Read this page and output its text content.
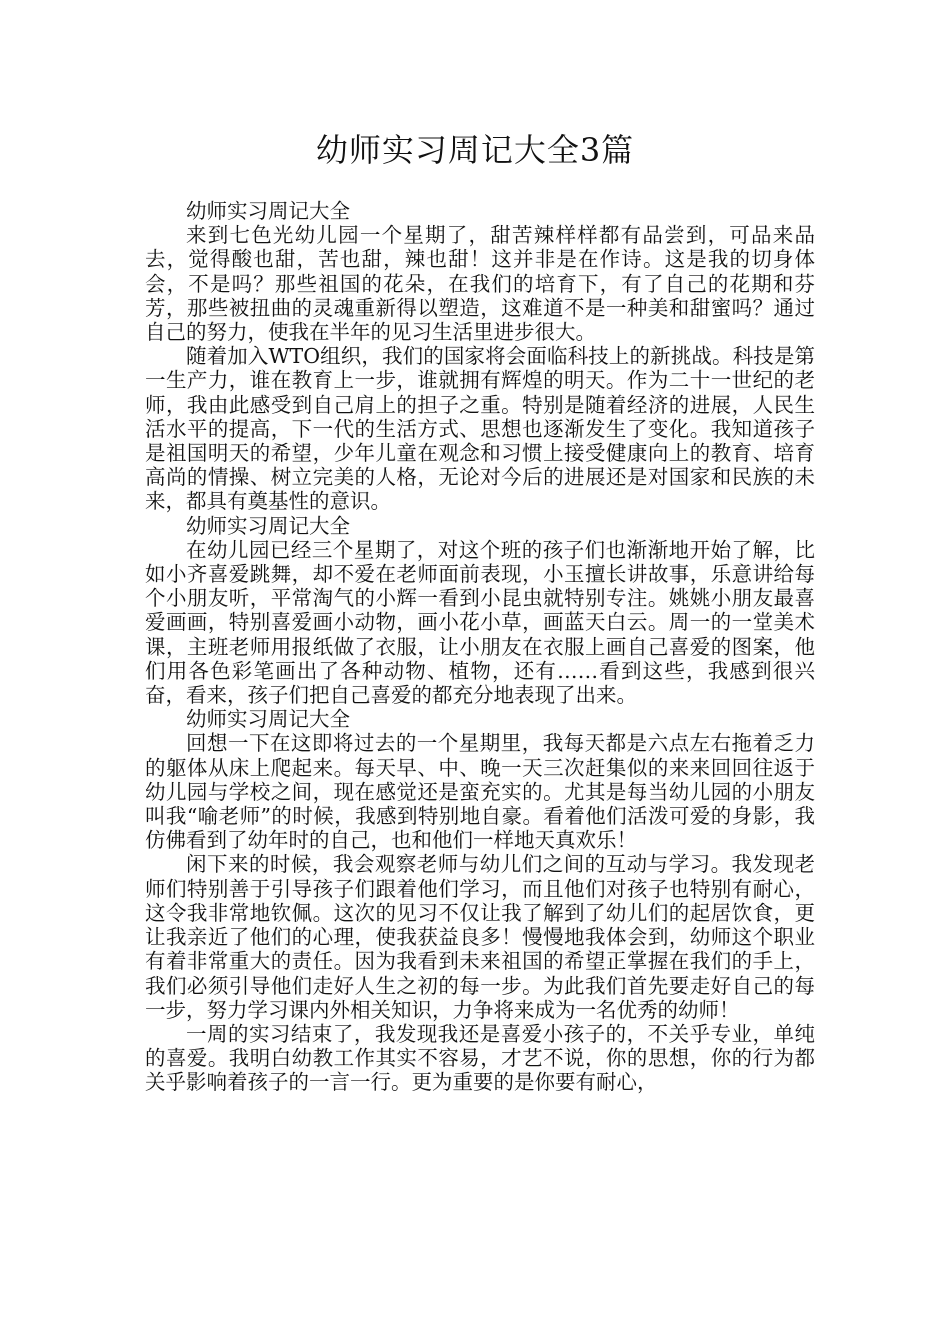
幼师实习周记大全3篇

幼师实习周记大全

来到七色光幼儿园一个星期了，甜苦辣样样都有品尝到，可品来品去，觉得酸也甜，苦也甜，辣也甜！这并非是在作诗。这是我的切身体会，不是吗？那些祖国的花朵，在我们的培育下，有了自己的花期和芬芳，那些被扭曲的灵魂重新得以塑造，这难道不是一种美和甜蜜吗？通过自己的努力，使我在半年的见习生活里进步很大。

随着加入WTO组织，我们的国家将会面临科技上的新挑战。科技是第一生产力，谁在教育上一步，谁就拥有辉煌的明天。作为二十一世纪的老师，我由此感受到自己肩上的担子之重。特别是随着经济的进展，人民生活水平的提高，下一代的生活方式、思想也逐渐发生了变化。我知道孩子是祖国明天的希望，少年儿童在观念和习惯上接受健康向上的教育、培育高尚的情操、树立完美的人格，无论对今后的进展还是对国家和民族的未来，都具有奠基性的意识。

幼师实习周记大全

在幼儿园已经三个星期了，对这个班的孩子们也渐渐地开始了解，比如小齐喜爱跳舞，却不爱在老师面前表现，小玉擅长讲故事，乐意讲给每个小朋友听，平常淘气的小辉一看到小昆虫就特别专注。姚姚小朋友最喜爱画画，特别喜爱画小动物，画小花小草，画蓝天白云。周一的一堂美术课，主班老师用报纸做了衣服，让小朋友在衣服上画自己喜爱的图案，他们用各色彩笔画出了各种动物、植物，还有……看到这些，我感到很兴奋，看来，孩子们把自己喜爱的都充分地表现了出来。

幼师实习周记大全

回想一下在这即将过去的一个星期里，我每天都是六点左右拖着乏力的躯体从床上爬起来。每天早、中、晚一天三次赶集似的来来回回往返于幼儿园与学校之间，现在感觉还是蛮充实的。尤其是每当幼儿园的小朋友叫我“喻老师”的时候，我感到特别地自豪。看着他们活泼可爱的身影，我仿佛看到了幼年时的自己，也和他们一样地天真欢乐！

闲下来的时候，我会观察老师与幼儿们之间的互动与学习。我发现老师们特别善于引导孩子们跟着他们学习，而且他们对孩子也特别有耐心，这令我非常地钦佩。这次的见习不仅让我了解到了幼儿们的起居饮食，更让我亲近了他们的心理，使我获益良多！慢慢地我体会到，幼师这个职业有着非常重大的责任。因为我看到未来祖国的希望正掌握在我们的手上，我们必须引导他们走好人生之初的每一步。为此我们首先要走好自己的每一步，努力学习课内外相关知识，力争将来成为一名优秀的幼师！

一周的实习结束了，我发现我还是喜爱小孩子的，不关乎专业，单纯的喜爱。我明白幼教工作其实不容易，才艺不说，你的思想，你的行为都关乎影响着孩子的一言一行。更为重要的是你要有耐心，
